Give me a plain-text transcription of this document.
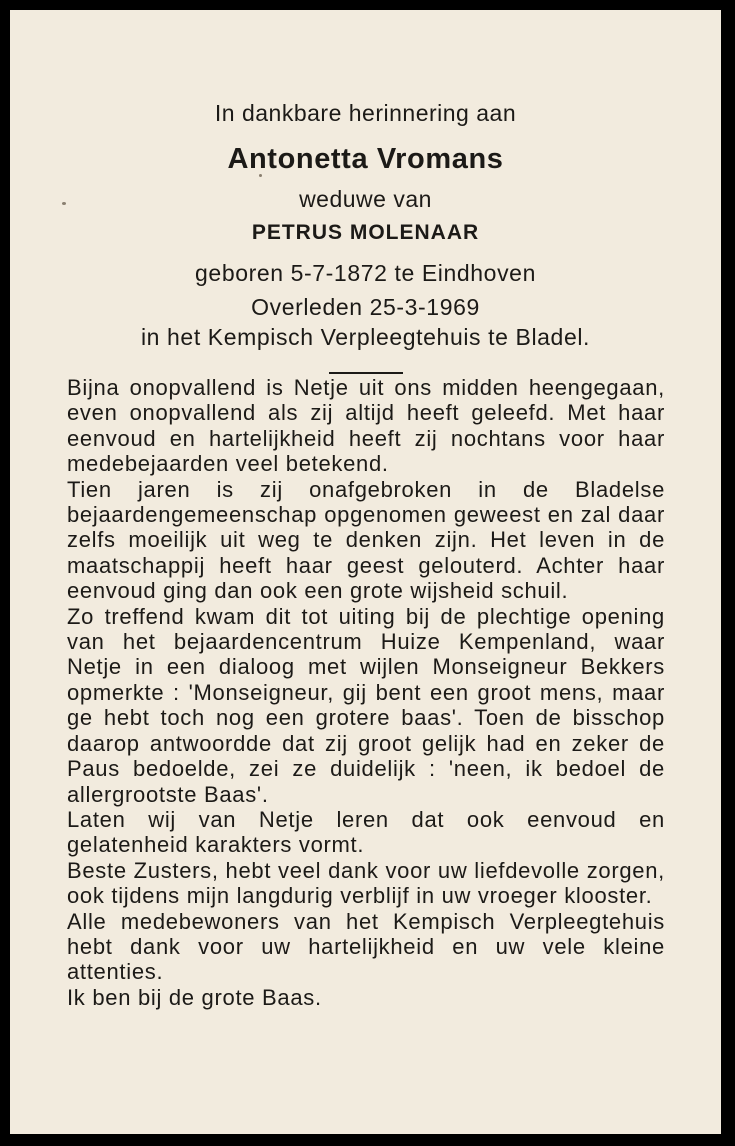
In dankbare herinnering aan

Antonetta Vromans

weduwe van

PETRUS MOLENAAR

geboren 5-7-1872 te Eindhoven

Overleden 25-3-1969

in het Kempisch Verpleegtehuis te Bladel.

Bijna onopvallend is Netje uit ons midden heengegaan, even onopvallend als zij altijd heeft geleefd. Met haar eenvoud en hartelijkheid heeft zij nochtans voor haar medebejaarden veel betekend.

Tien jaren is zij onafgebroken in de Bladelse bejaardengemeenschap opgenomen geweest en zal daar zelfs moeilijk uit weg te denken zijn. Het leven in de maatschappij heeft haar geest gelouterd. Achter haar eenvoud ging dan ook een grote wijsheid schuil.

Zo treffend kwam dit tot uiting bij de plechtige opening van het bejaardencentrum Huize Kempenland, waar Netje in een dialoog met wijlen Monseigneur Bekkers opmerkte : 'Monseigneur, gij bent een groot mens, maar ge hebt toch nog een grotere baas'. Toen de bisschop daarop antwoordde dat zij groot gelijk had en zeker de Paus bedoelde, zei ze duidelijk : 'neen, ik bedoel de allergrootste Baas'.

Laten wij van Netje leren dat ook eenvoud en gelatenheid karakters vormt.

Beste Zusters, hebt veel dank voor uw liefdevolle zorgen, ook tijdens mijn langdurig verblijf in uw vroeger klooster.

Alle medebewoners van het Kempisch Verpleegtehuis hebt dank voor uw hartelijkheid en uw vele kleine attenties.

Ik ben bij de grote Baas.
